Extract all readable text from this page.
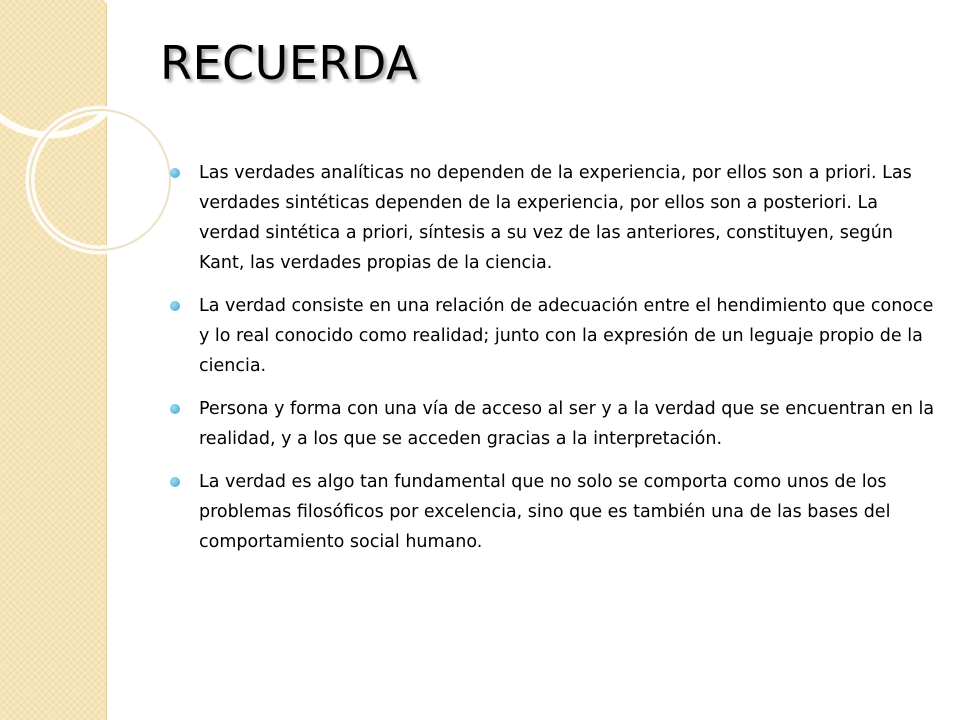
RECUERDA
Las verdades analíticas no dependen de la experiencia, por ellos son a priori. Las verdades sintéticas dependen de la experiencia, por ellos son a posteriori. La verdad sintética a priori, síntesis a su vez de las anteriores, constituyen, según Kant, las verdades propias de la ciencia.
La verdad consiste en una relación de adecuación entre el hendimiento que conoce y lo real conocido como realidad; junto con la expresión de un leguaje propio de la ciencia.
Persona y forma con una vía de acceso al ser y a la verdad que se encuentran en la realidad, y a los que se acceden gracias a la interpretación.
La verdad es algo tan fundamental que no solo se comporta como unos de los problemas filosóficos por excelencia, sino que es también una de las bases del comportamiento social humano.
